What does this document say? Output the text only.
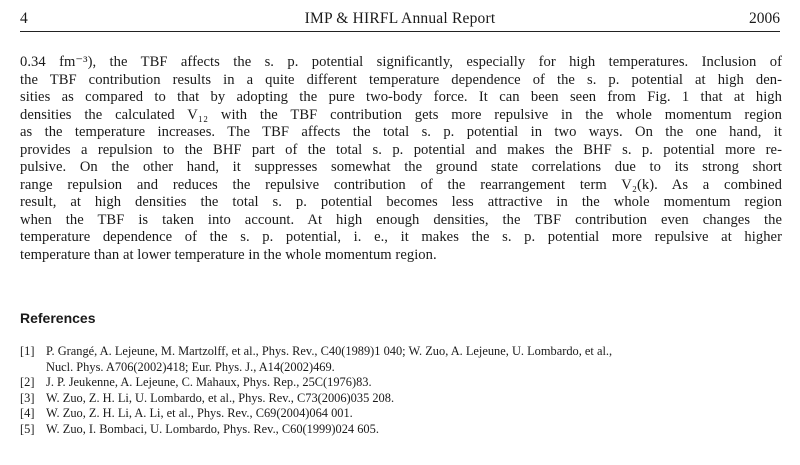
4	IMP & HIRFL Annual Report	2006
0.34 fm⁻³), the TBF affects the s. p. potential significantly, especially for high temperatures. Inclusion of
the TBF contribution results in a quite different temperature dependence of the s. p. potential at high den-
sities as compared to that by adopting the pure two-body force. It can been seen from Fig. 1 that at high
densities the calculated V₁₂ with the TBF contribution gets more repulsive in the whole momentum region
as the temperature increases. The TBF affects the total s. p. potential in two ways. On the one hand, it
provides a repulsion to the BHF part of the total s. p. potential and makes the BHF s. p. potential more re-
pulsive. On the other hand, it suppresses somewhat the ground state correlations due to its strong short
range repulsion and reduces the repulsive contribution of the rearrangement term V₂(k). As a combined
result, at high densities the total s. p. potential becomes less attractive in the whole momentum region
when the TBF is taken into account. At high enough densities, the TBF contribution even changes the
temperature dependence of the s. p. potential, i. e., it makes the s. p. potential more repulsive at higher
temperature than at lower temperature in the whole momentum region.
References
[1] P. Grangé, A. Lejeune, M. Martzolff, et al., Phys. Rev., C40(1989)1 040; W. Zuo, A. Lejeune, U. Lombardo, et al.,
Nucl. Phys. A706(2002)418; Eur. Phys. J., A14(2002)469.
[2] J. P. Jeukenne, A. Lejeune, C. Mahaux, Phys. Rep., 25C(1976)83.
[3] W. Zuo, Z. H. Li, U. Lombardo, et al., Phys. Rev., C73(2006)035 208.
[4] W. Zuo, Z. H. Li, A. Li, et al., Phys. Rev., C69(2004)064 001.
[5] W. Zuo, I. Bombaci, U. Lombardo, Phys. Rev., C60(1999)024 605.
